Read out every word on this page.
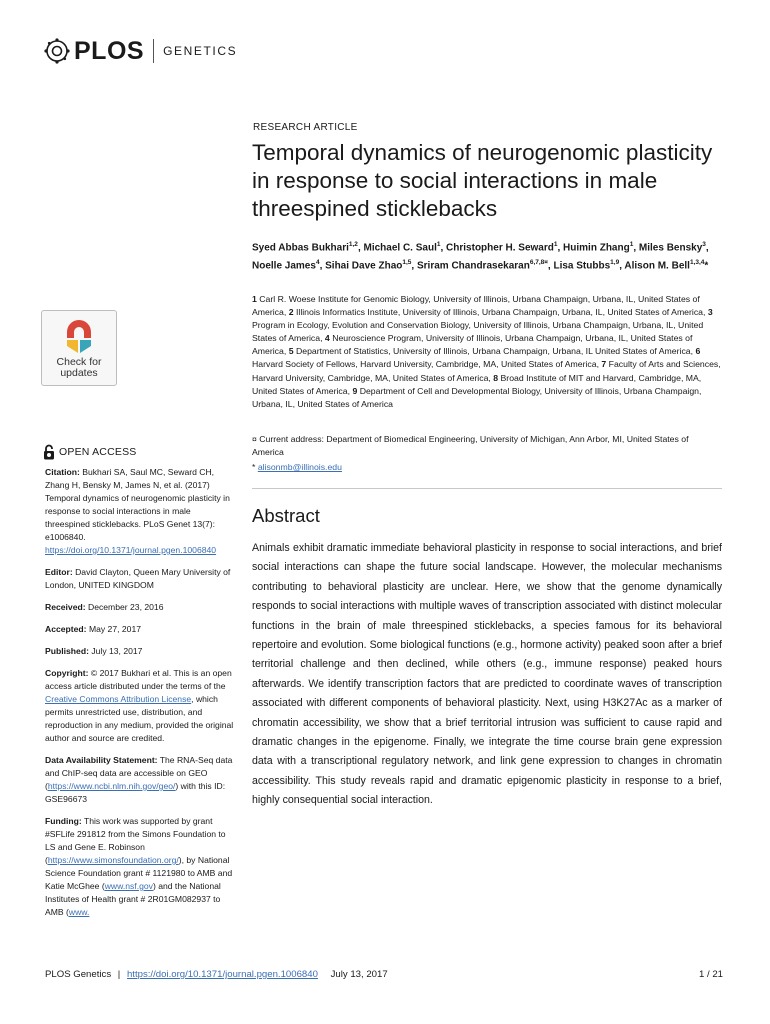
PLOS GENETICS
Check for
updates
OPEN ACCESS

Citation: Bukhari SA, Saul MC, Seward CH, Zhang H, Bensky M, James N, et al. (2017) Temporal dynamics of neurogenomic plasticity in response to social interactions in male threespined sticklebacks. PLoS Genet 13(7): e1006840. https://doi.org/10.1371/journal.pgen.1006840

Editor: David Clayton, Queen Mary University of London, UNITED KINGDOM

Received: December 23, 2016

Accepted: May 27, 2017

Published: July 13, 2017

Copyright: © 2017 Bukhari et al. This is an open access article distributed under the terms of the Creative Commons Attribution License, which permits unrestricted use, distribution, and reproduction in any medium, provided the original author and source are credited.

Data Availability Statement: The RNA-Seq data and ChIP-seq data are accessible on GEO (https://www.ncbi.nlm.nih.gov/geo/) with this ID: GSE96673

Funding: This work was supported by grant #SFLife 291812 from the Simons Foundation to LS and Gene E. Robinson (https://www.simonsfoundation.org/), by National Science Foundation grant # 1121980 to AMB and Katie McGhee (www.nsf.gov) and the National Institutes of Health grant # 2R01GM082937 to AMB (www.

RESEARCH ARTICLE
Temporal dynamics of neurogenomic plasticity in response to social interactions in male threespined sticklebacks
Syed Abbas Bukhari$^{1,2}$, Michael C. Saul$^1$, Christopher H. Seward$^1$, Huimin Zhang$^1$, Miles Bensky$^3$, Noelle James$^4$, Sihai Dave Zhao$^{1,5}$, Sriram Chandrasekaran$^{6,7,8¤}$, Lisa Stubbs$^{1,9}$, Alison M. Bell$^{1,3,4}$*
1 Carl R. Woese Institute for Genomic Biology, University of Illinois, Urbana Champaign, Urbana, IL, United States of America, 2 Illinois Informatics Institute, University of Illinois, Urbana Champaign, Urbana, IL, United States of America, 3 Program in Ecology, Evolution and Conservation Biology, University of Illinois, Urbana Champaign, Urbana, IL, United States of America, 4 Neuroscience Program, University of Illinois, Urbana Champaign, Urbana, IL, United States of America, 5 Department of Statistics, University of Illinois, Urbana Champaign, Urbana, IL United States of America, 6 Harvard Society of Fellows, Harvard University, Cambridge, MA, United States of America, 7 Faculty of Arts and Sciences, Harvard University, Cambridge, MA, United States of America, 8 Broad Institute of MIT and Harvard, Cambridge, MA, United States of America, 9 Department of Cell and Developmental Biology, University of Illinois, Urbana Champaign, Urbana, IL, United States of America
¤ Current address: Department of Biomedical Engineering, University of Michigan, Ann Arbor, MI, United States of America
* alisonmb@illinois.edu
Abstract

Animals exhibit dramatic immediate behavioral plasticity in response to social interactions, and brief social interactions can shape the future social landscape. However, the molecular mechanisms contributing to behavioral plasticity are unclear. Here, we show that the genome dynamically responds to social interactions with multiple waves of transcription associated with distinct molecular functions in the brain of male threespined sticklebacks, a species famous for its behavioral repertoire and evolution. Some biological functions (e.g., hormone activity) peaked soon after a brief territorial challenge and then declined, while others (e.g., immune response) peaked hours afterwards. We identify transcription factors that are predicted to coordinate waves of transcription associated with different components of behavioral plasticity. Next, using H3K27Ac as a marker of chromatin accessibility, we show that a brief territorial intrusion was sufficient to cause rapid and dramatic changes in the epigenome. Finally, we integrate the time course brain gene expression data with a transcriptional regulatory network, and link gene expression to changes in chromatin accessibility. This study reveals rapid and dramatic epigenomic plasticity in response to a brief, highly consequential social interaction.

PLOS Genetics | https://doi.org/10.1371/journal.pgen.1006840 July 13, 2017	1 / 21
